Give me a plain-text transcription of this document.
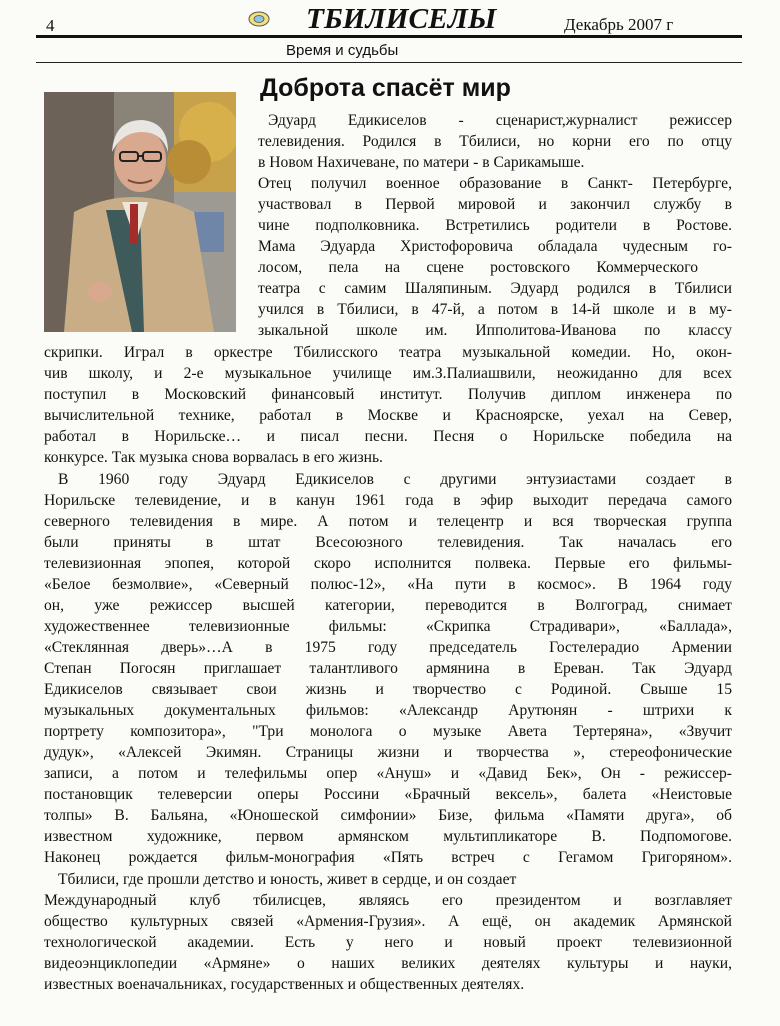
4	ТБИЛИСЕЛЫ	Декабрь 2007 г
Время и судьбы
Доброта спасёт мир
Эдуард Едикиселов - сценарист,журналист режиссер
телевидения. Родился в Тбилиси, но корни его по отцу
в Новом Нахичеване, по матери - в Сарикамыше.
Отец получил военное образование в Санкт- Петербурге,
участвовал в Первой мировой и закончил службу в
чине подполковника. Встретились родители в Ростове.
Мама Эдуарда Христофоровича обладала чудесным го-
лосом, пела на сцене ростовского Коммерческого
театра с самим Шаляпиным. Эдуард родился в Тбилиси
учился в Тбилиси, в 47-й, а потом в 14-й школе и в му-
зыкальной школе им. Ипполитова-Иванова по классу
скрипки. Играл в оркестре Тбилисского театра музыкальной комедии. Но, окон-
чив школу, и 2-е музыкальное училище им.З.Палиашвили, неожиданно для всех
поступил в Московский финансовый институт. Получив диплом инженера по
вычислительной технике, работал в Москве и Красноярске, уехал на Север,
работал в Норильске… и писал песни. Песня о Норильске победила на
конкурсе. Так музыка снова ворвалась в его жизнь.
В 1960 году Эдуард Едикиселов с другими энтузиастами создает в
Норильске телевидение, и в канун 1961 года в эфир выходит передача самого
северного телевидения в мире. А потом и телецентр и вся творческая группа
были приняты в штат Всесоюзного телевидения. Так началась его
телевизионная эпопея, которой скоро исполнится полвека. Первые его фильмы-
«Белое безмолвие», «Северный полюс-12», «На пути в космос». В 1964 году
он, уже режиссер высшей категории, переводится в Волгоград, снимает
художественнее телевизионные фильмы: «Скрипка Страдивари», «Баллада»,
«Стеклянная дверь»…А в 1975 году председатель Гостелерадио Армении
Степан Погосян приглашает талантливого армянина в Ереван. Так Эдуард
Едикиселов связывает свои жизнь и творчество с Родиной. Свыше 15
музыкальных документальных фильмов: «Александр Арутюнян - штрихи к
портрету композитора», "Три монолога о музыке Авета Тертеряна», «Звучит
дудук», «Алексей Экимян. Страницы жизни и творчества », стереофонические
записи, а потом и телефильмы опер «Ануш» и «Давид Бек», Он - режиссер-
постановщик телеверсии оперы Россини «Брачный вексель», балета «Неистовые
толпы» В. Бальяна, «Юношеской симфонии» Бизе, фильма «Памяти друга», об
известном художнике, первом армянском мультипликаторе В. Подпомогове.
Наконец рождается фильм-монография «Пять встреч с Гегамом Григоряном».
Тбилиси, где прошли детство и юность, живет в сердце, и он создает
Международный клуб тбилисцев, являясь его президентом и возглавляет
общество культурных связей «Армения-Грузия». А ещё, он академик Армянской
технологической академии. Есть у него и новый проект телевизионной
видеоэнциклопедии «Армяне» о наших великих деятелях культуры и науки,
известных военачальниках, государственных и общественных деятелях.
